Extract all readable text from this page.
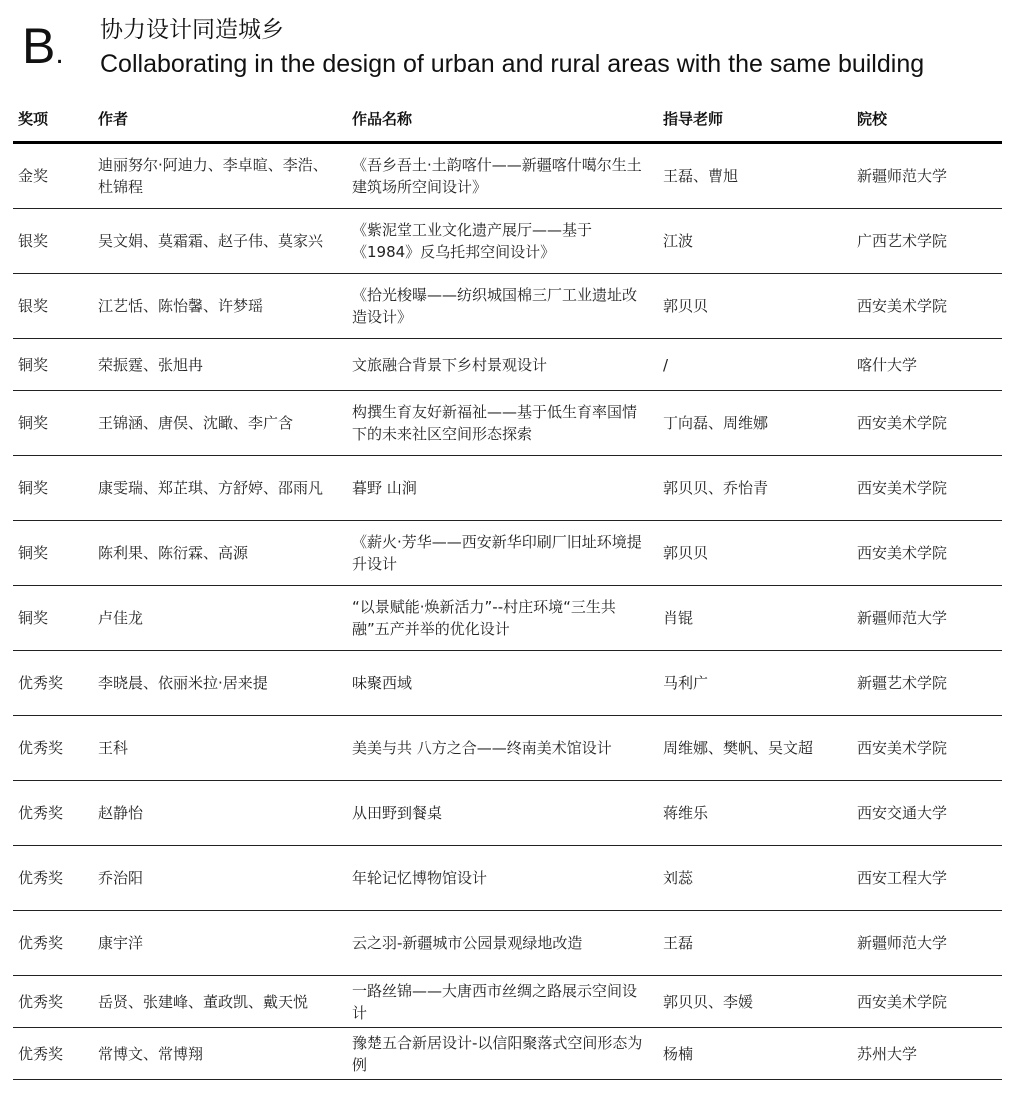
B.
协力设计同造城乡
Collaborating in the design of urban and rural areas with the same building
奖项	作者	作品名称	指导老师	院校
金奖	迪丽努尔·阿迪力、李卓暄、李浩、杜锦程	《吾乡吾土·土韵喀什——新疆喀什噶尔生土建筑场所空间设计》	王磊、曹旭	新疆师范大学
银奖	吴文娟、莫霜霜、赵子伟、莫家兴	《紫泥堂工业文化遗产展厅——基于《1984》反乌托邦空间设计》	江波	广西艺术学院
银奖	江艺恬、陈怡馨、许梦瑶	《拾光梭曝——纺织城国棉三厂工业遗址改造设计》	郭贝贝	西安美术学院
铜奖	荣振霆、张旭冉	文旅融合背景下乡村景观设计	/	喀什大学
铜奖	王锦涵、唐俣、沈瞰、李广含	构撰生育友好新福祉——基于低生育率国情下的未来社区空间形态探索	丁向磊、周维娜	西安美术学院
铜奖	康雯瑞、郑芷琪、方舒婷、邵雨凡	暮野 山涧	郭贝贝、乔怡青	西安美术学院
铜奖	陈利果、陈衍霖、高源	《薪火·芳华——西安新华印刷厂旧址环境提升设计	郭贝贝	西安美术学院
铜奖	卢佳龙	“以景赋能·焕新活力”--村庄环境“三生共融”五产并举的优化设计	肖锟	新疆师范大学
优秀奖	李晓晨、依丽米拉·居来提	味聚西域	马利广	新疆艺术学院
优秀奖	王科	美美与共 八方之合——终南美术馆设计	周维娜、樊帆、吴文超	西安美术学院
优秀奖	赵静怡	从田野到餐桌	蒋维乐	西安交通大学
优秀奖	乔治阳	年轮记忆博物馆设计	刘蕊	西安工程大学
优秀奖	康宇洋	云之羽-新疆城市公园景观绿地改造	王磊	新疆师范大学
优秀奖	岳贤、张建峰、董政凯、戴天悦	一路丝锦——大唐西市丝绸之路展示空间设计	郭贝贝、李媛	西安美术学院
优秀奖	常博文、常博翔	豫楚五合新居设计-以信阳聚落式空间形态为例	杨楠	苏州大学
